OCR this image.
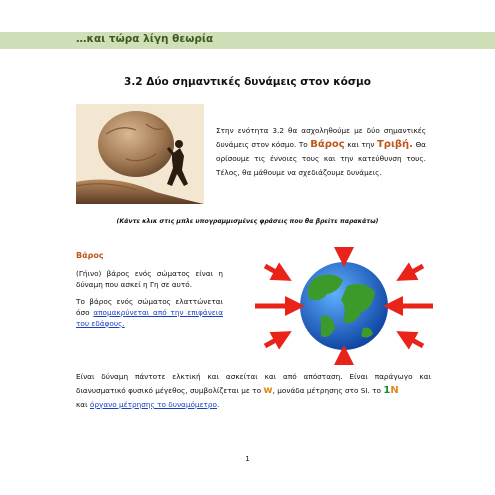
…και τώρα λίγη θεωρία
3.2 Δύο σημαντικές δυνάμεις στον κόσμο
Στην ενότητα 3.2 θα ασχοληθούμε με δύο σημαντικές δυνάμεις στον κόσμο. Το Βάρος και την Τριβή. Θα ορίσουμε τις έννοιες τους και την κατεύθυνση τους. Τέλος, θα μάθουμε να σχεδιάζουμε δυνάμεις.
(Κάντε κλικ στις μπλε υπογραμμισμένες φράσεις που θα βρείτε παρακάτω)
Βάρος
(Γήινο) βάρος ενός σώματος είναι η δύναμη που ασκεί η Γη σε αυτό.
Το βάρος ενός σώματος ελαττώνεται όσο απομακρύνεται από την επιφάνεια του εδάφους.
Είναι δύναμη πάντοτε ελκτική και ασκείται και από απόσταση. Είναι παράγωγο και διανυσματικό φυσικό μέγεθος, συμβολίζεται με το w, μονάδα μέτρησης στο SI. το 1N
και όργανο μέτρησης το δυναμόμετρο.
1
